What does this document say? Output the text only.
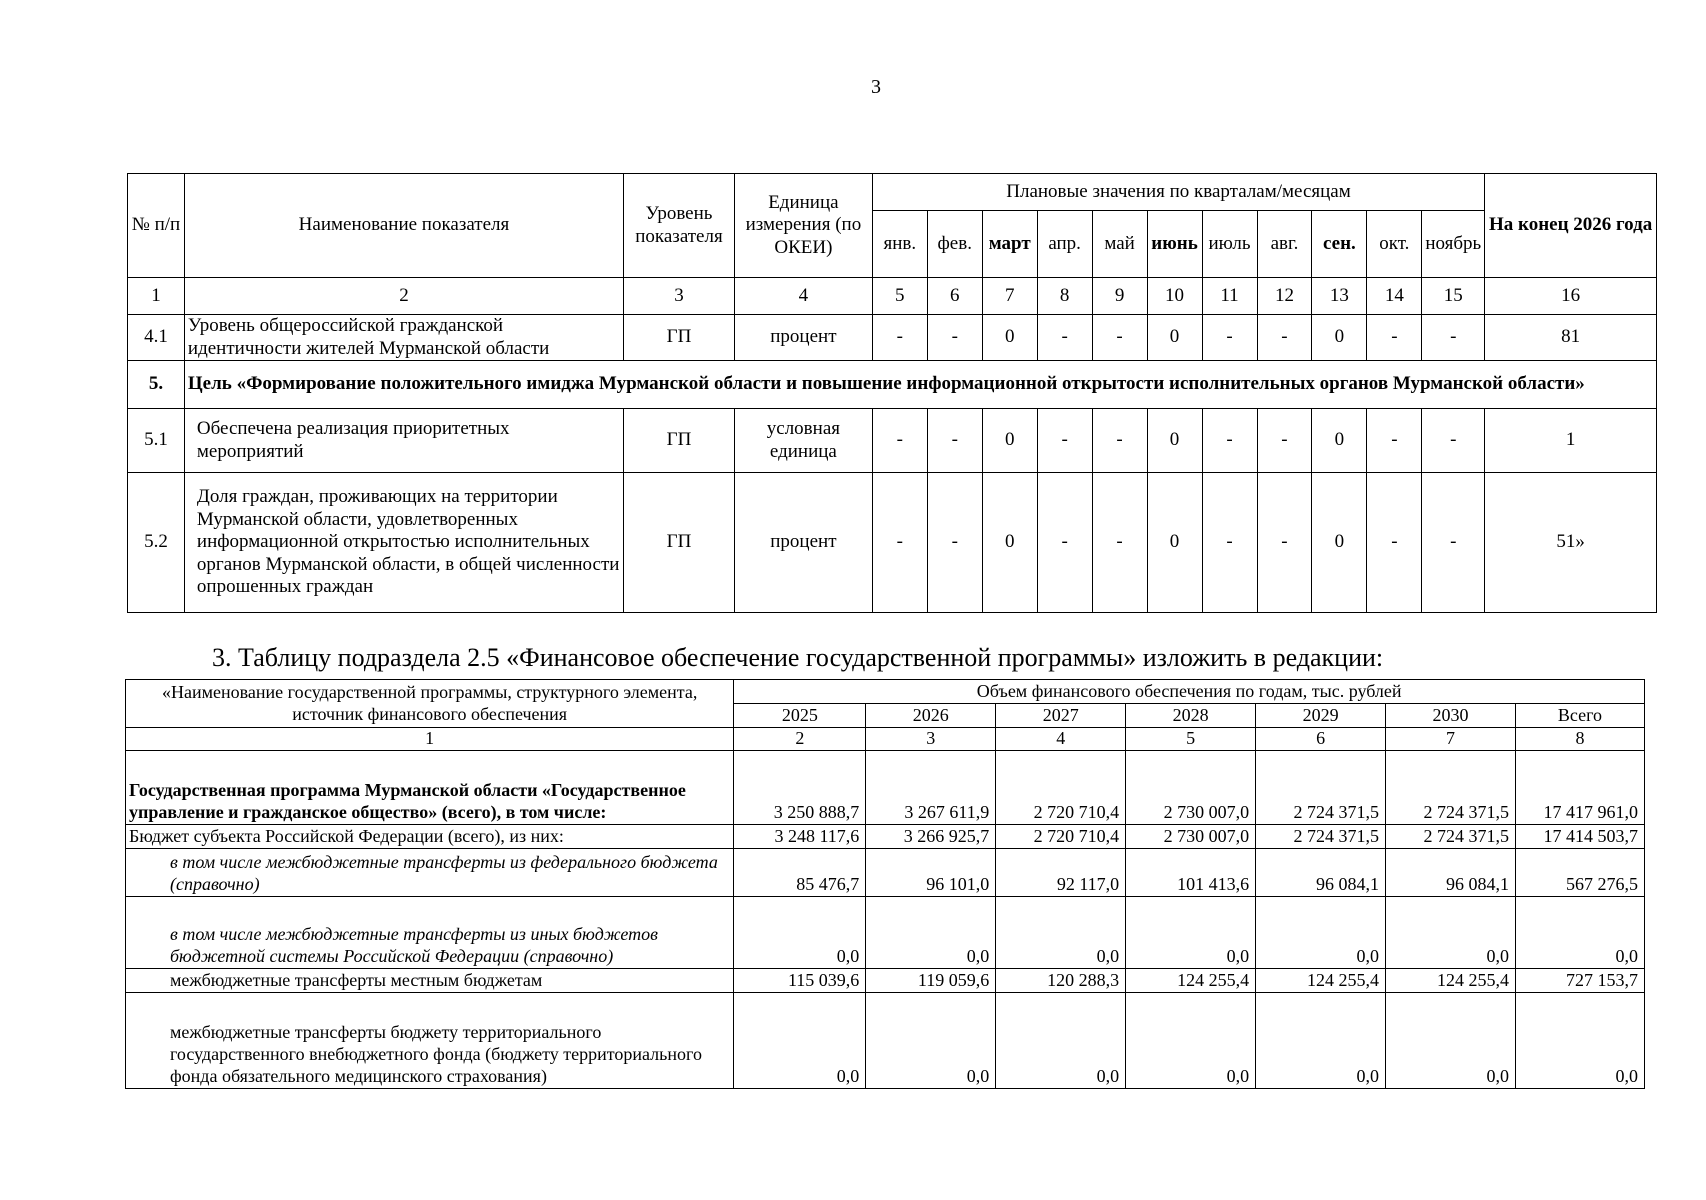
3
№ п/п	Наименование показателя	Уровень показателя	Единица измерения (по ОКЕИ)	Плановые значения по кварталам/месяцам											На конец 2026 года
				янв.	фев.	март	апр.	май	июнь	июль	авг.	сен.	окт.	ноябрь	
1	2	3	4	5	6	7	8	9	10	11	12	13	14	15	16
4.1	Уровень общероссийской гражданской идентичности жителей Мурманской области	ГП	процент	-	-	0	-	-	0	-	-	0	-	-	81
5.	Цель «Формирование положительного имиджа Мурманской области и повышение информационной открытости исполнительных органов Мурманской области»														
5.1	Обеспечена реализация приоритетных мероприятий	ГП	условная единица	-	-	0	-	-	0	-	-	0	-	-	1
5.2	Доля граждан, проживающих на территории Мурманской области, удовлетворенных информационной открытостью исполнительных органов Мурманской области, в общей численности опрошенных граждан	ГП	процент	-	-	0	-	-	0	-	-	0	-	-	51»
3. Таблицу подраздела 2.5 «Финансовое обеспечение государственной программы» изложить в редакции:
«Наименование государственной программы, структурного элемента, источник финансового обеспечения	Объем финансового обеспечения по годам, тыс. рублей						
	2025	2026	2027	2028	2029	2030	Всего
1	2	3	4	5	6	7	8
Государственная программа Мурманской области «Государственное управление и гражданское общество» (всего), в том числе:	3 250 888,7	3 267 611,9	2 720 710,4	2 730 007,0	2 724 371,5	2 724 371,5	17 417 961,0
Бюджет субъекта Российской Федерации (всего), из них:	3 248 117,6	3 266 925,7	2 720 710,4	2 730 007,0	2 724 371,5	2 724 371,5	17 414 503,7
в том числе межбюджетные трансферты из федерального бюджета (справочно)	85 476,7	96 101,0	92 117,0	101 413,6	96 084,1	96 084,1	567 276,5
в том числе межбюджетные трансферты из иных бюджетов бюджетной системы Российской Федерации (справочно)	0,0	0,0	0,0	0,0	0,0	0,0	0,0
межбюджетные трансферты местным бюджетам	115 039,6	119 059,6	120 288,3	124 255,4	124 255,4	124 255,4	727 153,7
межбюджетные трансферты бюджету территориального государственного внебюджетного фонда (бюджету территориального фонда обязательного медицинского страхования)	0,0	0,0	0,0	0,0	0,0	0,0	0,0
